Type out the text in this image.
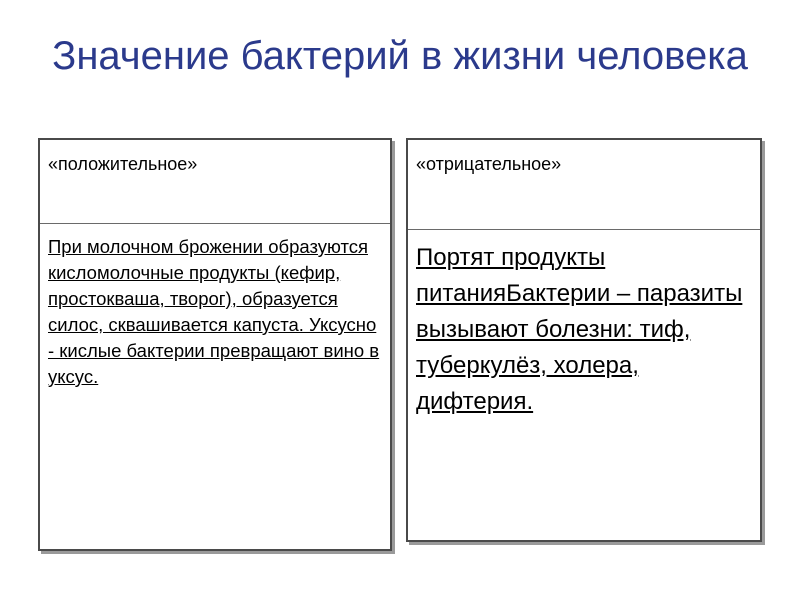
Значение бактерий в жизни человека
«положительное»
При молочном брожении образуются кисломолочные продукты (кефир, простокваша, творог), образуется силос, сквашивается капуста. Уксусно - кислые бактерии превращают вино в уксус.
«отрицательное»
Портят продукты питанияБактерии – паразиты вызывают болезни: тиф, туберкулёз, холера, дифтерия.
